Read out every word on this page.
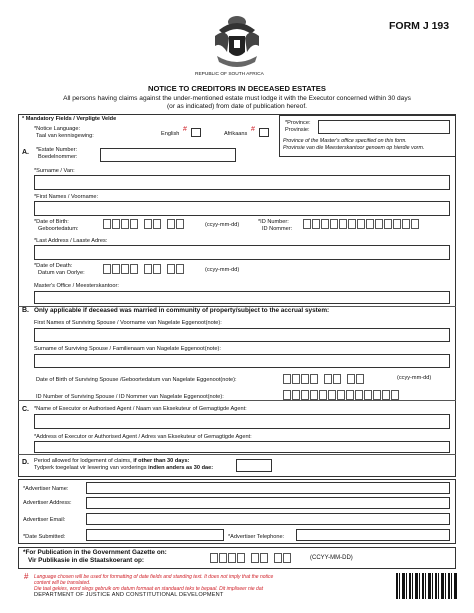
FORM J 193
REPUBLIC OF SOUTH AFRICA
NOTICE TO CREDITORS IN DECEASED ESTATES
All persons having claims against the under-mentioned estate must lodge it with the Executor concerned within 30 days
(or as indicated) from date of publication hereof.
* Mandatory Fields / Verpligte Velde
*Notice Language:
Taal van kennisgewing:	English
#
Afrikaans
#
*Province:
Provinsie:
Province of the Master's office specified on this form.
Provinsie van die Meesterskantoor genoem op hierdie vorm.
A. *Estate Number:
Boedelnommer:
*Surname / Van:
*First Names / Voorname:
*Date of Birth:
Geboortedatum:
(ccyy-mm-dd)	*ID Number:
ID Nommer:
*Last Address / Laaste Adres:
*Date of Death:
Datum van Oorlye:	(ccyy-mm-dd)
Master's Office / Meesterskantoor:
B. Only applicable if deceased was married in community of property/subject to the accrual system:
First Names of Surviving Spouse / Voorname van Nagelate Eggenoot(note):
Surname of Surviving Spouse / Familienaam van Nagelate Eggenoot(note):
Date of Birth of Surviving Spouse /Geboortedatum van Nagelate Eggenoot(note):	(ccyy-mm-dd)
ID Number of Surviving Spouse / ID Nommer van Nagelate Eggenoot(note):
C. *Name of Executor or Authorised Agent / Naam van Eksekuteur of Gemagtigde Agent:
*Address of Executor or Authorised Agent / Adres van Eksekuteur of Gemagtigde Agent:
D. Period allowed for lodgement of claims, if other than 30 days:
Tydperk toegelaat vir lewering van vorderings indien anders as 30 dae:
*Advertiser Name:
Advertiser Address:
Advertiser Email:
*Date Submitted:	*Advertiser Telephone:
*For Publication in the Government Gazette on:
Vir Publikasie in die Staatskoerant op:	(CCYY-MM-DD)
# Language chosen will be used for formatting of date fields and standing text. It does not imply that the notice
content will be translated.
Die taal gekies, word slegs gebruik om datum formaat en standaard teks te bepaal. Dit impliseer nie dat
DEPARTMENT OF JUSTICE AND CONSTITUTIONAL DEVELOPMENT
